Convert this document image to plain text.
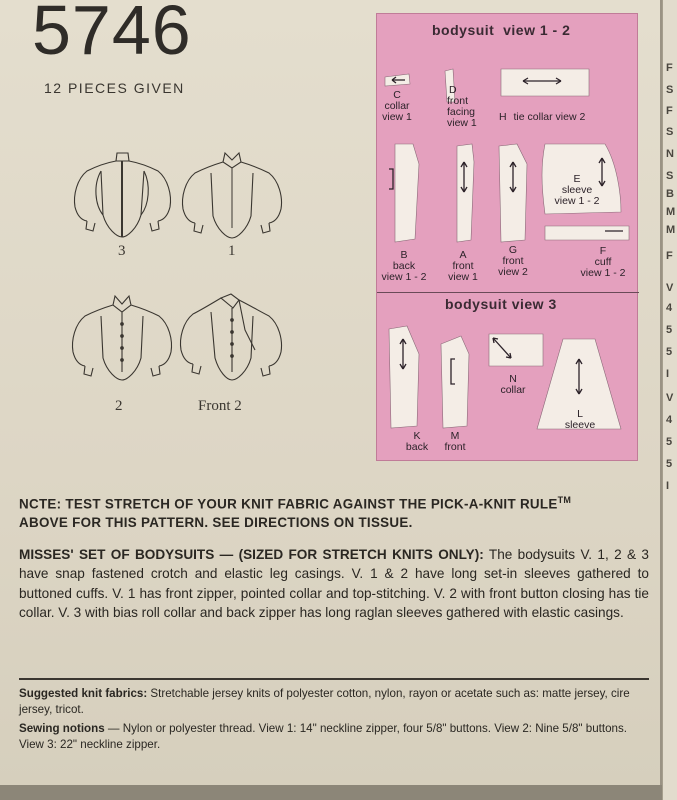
5746
12 PIECES GIVEN
3	1
2	Front 2
bodysuit  view 1 - 2
C
collar
view 1
D
front
facing
view 1	H tie collar view 2
E
sleeve
view 1 - 2
B
back
view 1 - 2
A
front
view 1
G
front
view 2
F
cuff
view 1 - 2
bodysuit view 3
N
collar
L
sleeve
K
back
M
front
NCTE: TEST STRETCH OF YOUR KNIT FABRIC AGAINST THE PICK-A-KNIT RULE™
ABOVE FOR THIS PATTERN. SEE DIRECTIONS ON TISSUE.
MISSES' SET OF BODYSUITS — (SIZED FOR STRETCH KNITS ONLY): The bodysuits V. 1, 2 & 3 have snap fastened crotch and elastic leg casings. V. 1 & 2 have long set-in sleeves gathered to buttoned cuffs. V. 1 has front zipper, pointed collar and top-stitching. V. 2 with front button closing has tie collar. V. 3 with bias roll collar and back zipper has long raglan sleeves gathered with elastic casings.
Suggested knit fabrics: Stretchable jersey knits of polyester cotton, nylon, rayon or acetate such as: matte jersey, cire jersey, tricot.
Sewing notions — Nylon or polyester thread. View 1: 14" neckline zipper, four 5/8" buttons. View 2: Nine 5/8" buttons. View 3: 22" neckline zipper.
F
S
F
S
N
S
B
M
M
F
V
4
5
5
I
V
4
5
5
I
